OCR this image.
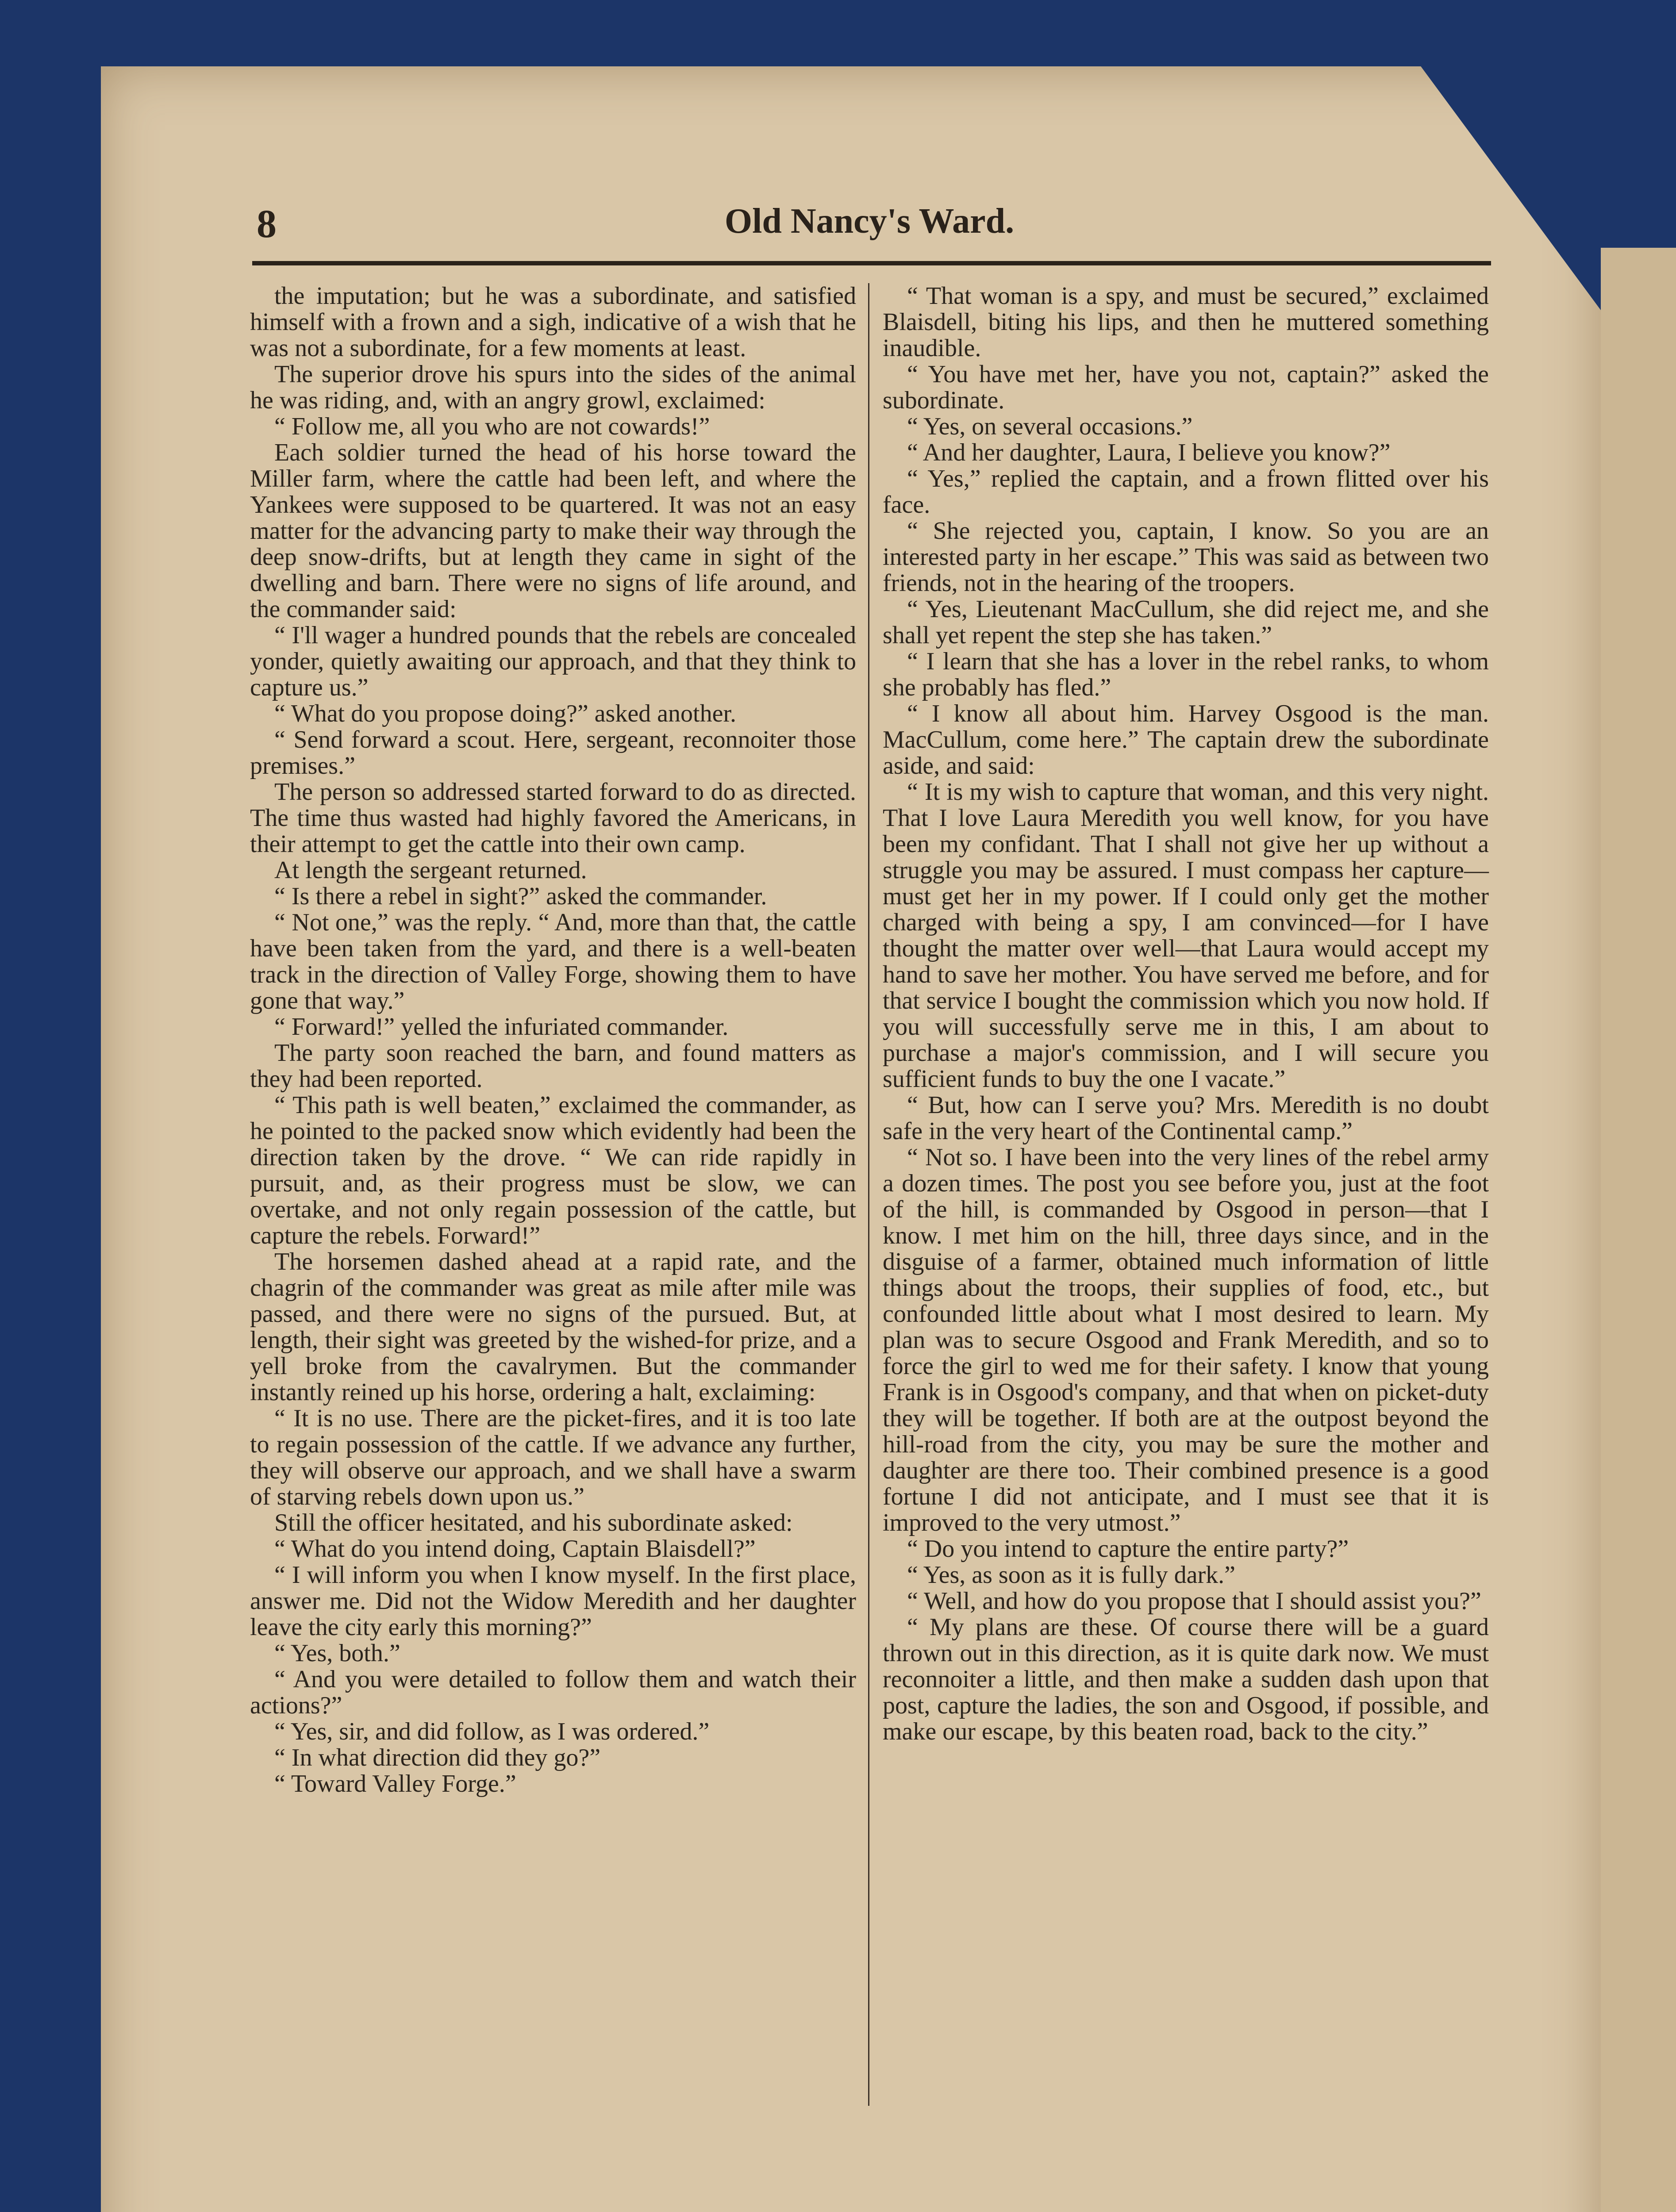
8	Old Nancy's Ward.

the imputation; but he was a subordinate, and satisfied himself with a frown and a sigh, indicative of a wish that he was not a subordinate, for a few moments at least.

The superior drove his spurs into the sides of the animal he was riding, and, with an angry growl, exclaimed:

“ Follow me, all you who are not cowards!”

Each soldier turned the head of his horse toward the Miller farm, where the cattle had been left, and where the Yankees were supposed to be quartered. It was not an easy matter for the advancing party to make their way through the deep snow-drifts, but at length they came in sight of the dwelling and barn. There were no signs of life around, and the commander said:

“ I'll wager a hundred pounds that the rebels are concealed yonder, quietly awaiting our approach, and that they think to capture us.”

“ What do you propose doing?” asked another.

“ Send forward a scout. Here, sergeant, reconnoiter those premises.”

The person so addressed started forward to do as directed. The time thus wasted had highly favored the Americans, in their attempt to get the cattle into their own camp.

At length the sergeant returned.

“ Is there a rebel in sight?” asked the commander.

“ Not one,” was the reply. “ And, more than that, the cattle have been taken from the yard, and there is a well-beaten track in the direction of Valley Forge, showing them to have gone that way.”

“ Forward!” yelled the infuriated commander.

The party soon reached the barn, and found matters as they had been reported.

“ This path is well beaten,” exclaimed the commander, as he pointed to the packed snow which evidently had been the direction taken by the drove. “ We can ride rapidly in pursuit, and, as their progress must be slow, we can overtake, and not only regain possession of the cattle, but capture the rebels. Forward!”

The horsemen dashed ahead at a rapid rate, and the chagrin of the commander was great as mile after mile was passed, and there were no signs of the pursued. But, at length, their sight was greeted by the wished-for prize, and a yell broke from the cavalrymen. But the commander instantly reined up his horse, ordering a halt, exclaiming:

“ It is no use. There are the picket-fires, and it is too late to regain possession of the cattle. If we advance any further, they will observe our approach, and we shall have a swarm of starving rebels down upon us.”

Still the officer hesitated, and his subordinate asked:

“ What do you intend doing, Captain Blaisdell?”

“ I will inform you when I know myself. In the first place, answer me. Did not the Widow Meredith and her daughter leave the city early this morning?”

“ Yes, both.”

“ And you were detailed to follow them and watch their actions?”

“ Yes, sir, and did follow, as I was ordered.”

“ In what direction did they go?”

“ Toward Valley Forge.”

“ That woman is a spy, and must be secured,” exclaimed Blaisdell, biting his lips, and then he muttered something inaudible.

“ You have met her, have you not, captain?” asked the subordinate.

“ Yes, on several occasions.”

“ And her daughter, Laura, I believe you know?”

“ Yes,” replied the captain, and a frown flitted over his face.

“ She rejected you, captain, I know. So you are an interested party in her escape.” This was said as between two friends, not in the hearing of the troopers.

“ Yes, Lieutenant MacCullum, she did reject me, and she shall yet repent the step she has taken.”

“ I learn that she has a lover in the rebel ranks, to whom she probably has fled.”

“ I know all about him. Harvey Osgood is the man. MacCullum, come here.” The captain drew the subordinate aside, and said:

“ It is my wish to capture that woman, and this very night. That I love Laura Meredith you well know, for you have been my confidant. That I shall not give her up without a struggle you may be assured. I must compass her capture—must get her in my power. If I could only get the mother charged with being a spy, I am convinced—for I have thought the matter over well—that Laura would accept my hand to save her mother. You have served me before, and for that service I bought the commission which you now hold. If you will successfully serve me in this, I am about to purchase a major's commission, and I will secure you sufficient funds to buy the one I vacate.”

“ But, how can I serve you? Mrs. Meredith is no doubt safe in the very heart of the Continental camp.”

“ Not so. I have been into the very lines of the rebel army a dozen times. The post you see before you, just at the foot of the hill, is commanded by Osgood in person—that I know. I met him on the hill, three days since, and in the disguise of a farmer, obtained much information of little things about the troops, their supplies of food, etc., but confounded little about what I most desired to learn. My plan was to secure Osgood and Frank Meredith, and so to force the girl to wed me for their safety. I know that young Frank is in Osgood's company, and that when on picket-duty they will be together. If both are at the outpost beyond the hill-road from the city, you may be sure the mother and daughter are there too. Their combined presence is a good fortune I did not anticipate, and I must see that it is improved to the very utmost.”

“ Do you intend to capture the entire party?”

“ Yes, as soon as it is fully dark.”

“ Well, and how do you propose that I should assist you?”

“ My plans are these. Of course there will be a guard thrown out in this direction, as it is quite dark now. We must reconnoiter a little, and then make a sudden dash upon that post, capture the ladies, the son and Osgood, if possible, and make our escape, by this beaten road, back to the city.”
